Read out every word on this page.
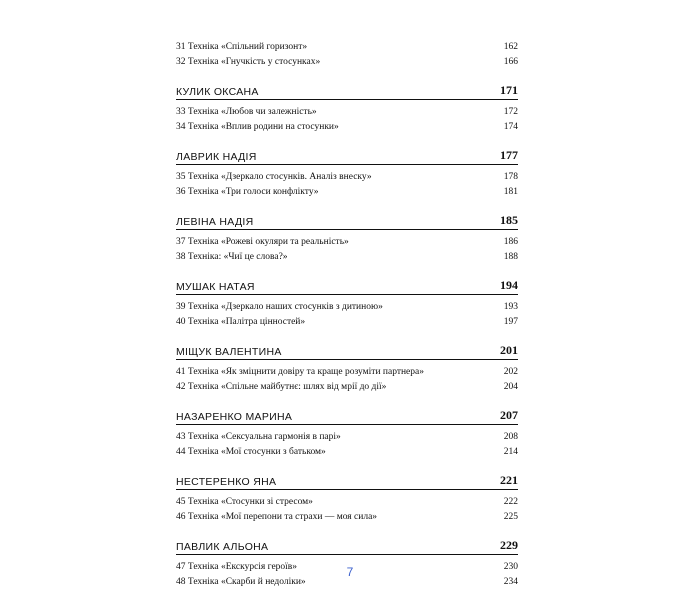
31 Техніка «Спільний горизонт»	162
32 Техніка «Гнучкість у стосунках»	166
КУЛИК ОКСАНА	171
33 Техніка «Любов чи залежність»	172
34 Техніка «Вплив родини на стосунки»	174
ЛАВРИК НАДІЯ	177
35 Техніка «Дзеркало стосунків. Аналіз внеску»	178
36 Техніка «Три голоси конфлікту»	181
ЛЕВІНА НАДІЯ	185
37 Техніка «Рожеві окуляри та реальність»	186
38 Техніка: «Чиї це слова?»	188
МУШАК НАТАЯ	194
39 Техніка «Дзеркало наших стосунків з дитиною»	193
40 Техніка «Палітра цінностей»	197
МІЩУК ВАЛЕНТИНА	201
41 Техніка «Як зміцнити довіру та краще розуміти партнера»	202
42 Техніка «Спільне майбутнє: шлях від мрії до дії»	204
НАЗАРЕНКО МАРИНА	207
43 Техніка «Сексуальна гармонія в парі»	208
44 Техніка «Мої стосунки з батьком»	214
НЕСТЕРЕНКО ЯНА	221
45 Техніка «Стосунки зі стресом»	222
46 Техніка «Мої перепони та страхи — моя сила»	225
ПАВЛИК АЛЬОНА	229
47 Техніка «Екскурсія героїв»	230
48 Техніка «Скарби й недоліки»	234
7
